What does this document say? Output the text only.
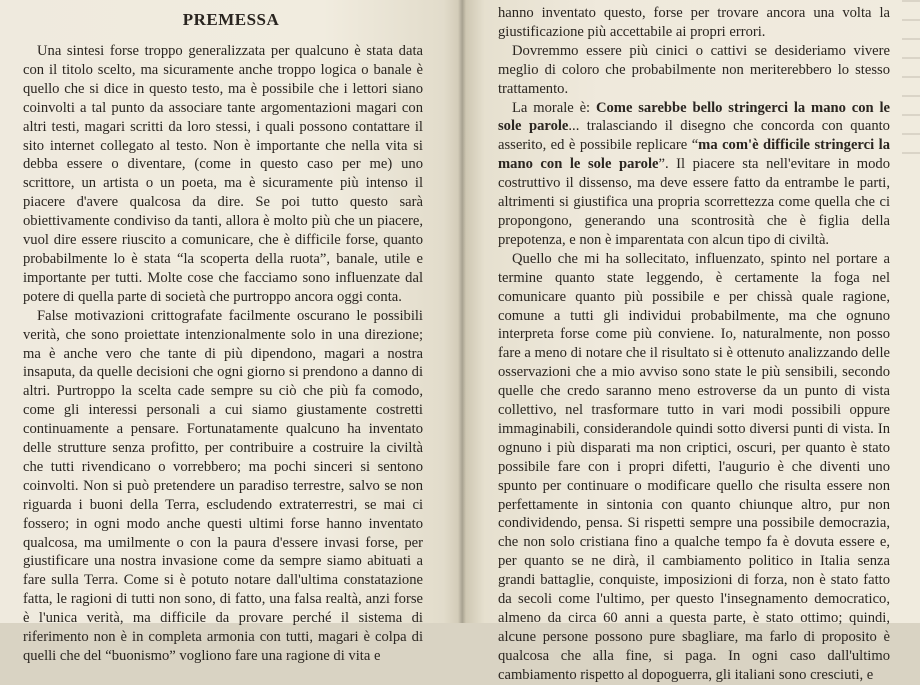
PREMESSA

Una sintesi forse troppo generalizzata per qualcuno è stata data con il titolo scelto, ma sicuramente anche troppo logica o banale è quello che si dice in questo testo, ma è possibile che i lettori siano coinvolti a tal punto da associare tante argomentazioni magari con altri testi, magari scritti da loro stessi, i quali possono contattare il sito internet collegato al testo. Non è importante che nella vita si debba essere o diventare, (come in questo caso per me) uno scrittore, un artista o un poeta, ma è sicuramente più intenso il piacere d'avere qualcosa da dire. Se poi tutto questo sarà obiettivamente condiviso da tanti, allora è molto più che un piacere, vuol dire essere riuscito a comunicare, che è difficile forse, quanto probabilmente lo è stata “la scoperta della ruota”, banale, utile e importante per tutti. Molte cose che facciamo sono influenzate dal potere di quella parte di società che purtroppo ancora oggi conta.

False motivazioni crittografate facilmente oscurano le possibili verità, che sono proiettate intenzionalmente solo in una direzione; ma è anche vero che tante di più dipendono, magari a nostra insaputa, da quelle decisioni che ogni giorno si prendono a danno di altri. Purtroppo la scelta cade sempre su ciò che più fa comodo, come gli interessi personali a cui siamo giustamente costretti continuamente a pensare. Fortunatamente qualcuno ha inventato delle strutture senza profitto, per contribuire a costruire la civiltà che tutti rivendicano o vorrebbero; ma pochi sinceri si sentono coinvolti. Non si può pretendere un paradiso terrestre, salvo se non riguarda i buoni della Terra, escludendo extraterrestri, se mai ci fossero; in ogni modo anche questi ultimi forse hanno inventato qualcosa, ma umilmente o con la paura d'essere invasi forse, per giustificare una nostra invasione come da sempre siamo abituati a fare sulla Terra. Come si è potuto notare dall'ultima constatazione fatta, le ragioni di tutti non sono, di fatto, una falsa realtà, anzi forse è l'unica verità, ma difficile da provare perché il sistema di riferimento non è in completa armonia con tutti, magari è colpa di quelli che del “buonismo” vogliono fare una ragione di vita e

hanno inventato questo, forse per trovare ancora una volta la giustificazione più accettabile ai propri errori.

Dovremmo essere più cinici o cattivi se desideriamo vivere meglio di coloro che probabilmente non meriterebbero lo stesso trattamento.

La morale è: Come sarebbe bello stringerci la mano con le sole parole... tralasciando il disegno che concorda con quanto asserito, ed è possibile replicare “ma com'è difficile stringerci la mano con le sole parole”. Il piacere sta nell'evitare in modo costruttivo il dissenso, ma deve essere fatto da entrambe le parti, altrimenti si giustifica una propria scorrettezza come quella che ci propongono, generando una scontrosità che è figlia della prepotenza, e non è imparentata con alcun tipo di civiltà.

Quello che mi ha sollecitato, influenzato, spinto nel portare a termine quanto state leggendo, è certamente la foga nel comunicare quanto più possibile e per chissà quale ragione, comune a tutti gli individui probabilmente, ma che ognuno interpreta forse come più conviene. Io, naturalmente, non posso fare a meno di notare che il risultato si è ottenuto analizzando delle osservazioni che a mio avviso sono state le più sensibili, secondo quelle che credo saranno meno estroverse da un punto di vista collettivo, nel trasformare tutto in vari modi possibili oppure immaginabili, considerandole quindi sotto diversi punti di vista. In ognuno i più disparati ma non criptici, oscuri, per quanto è stato possibile fare con i propri difetti, l'augurio è che diventi uno spunto per continuare o modificare quello che risulta essere non perfettamente in sintonia con quanto chiunque altro, pur non condividendo, pensa. Si rispetti sempre una possibile democrazia, che non solo cristiana fino a qualche tempo fa è dovuta essere e, per quanto se ne dirà, il cambiamento politico in Italia senza grandi battaglie, conquiste, imposizioni di forza, non è stato fatto da secoli come l'ultimo, per questo l'insegnamento democratico, almeno da circa 60 anni a questa parte, è stato ottimo; quindi, alcune persone possono pure sbagliare, ma farlo di proposito è qualcosa che alla fine, si paga. In ogni caso dall'ultimo cambiamento rispetto al dopoguerra, gli italiani sono cresciuti, e
